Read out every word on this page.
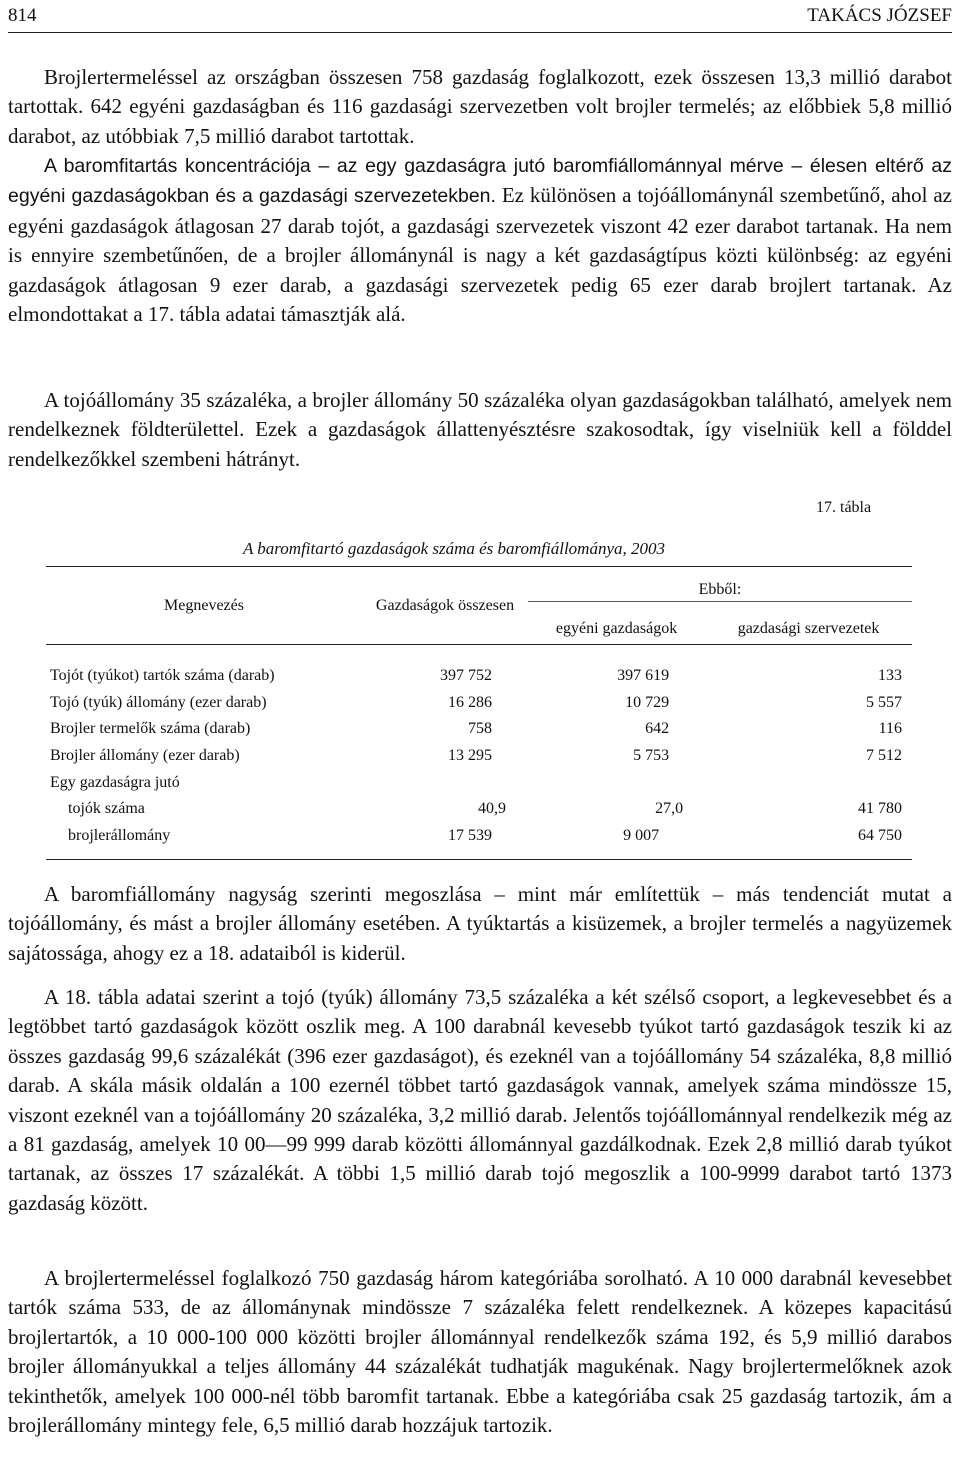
814	TAKÁCS JÓZSEF

Brojlertermeléssel az országban összesen 758 gazdaság foglalkozott, ezek összesen 13,3 millió darabot tartottak. 642 egyéni gazdaságban és 116 gazdasági szervezetben volt brojler termelés; az előbbiek 5,8 millió darabot, az utóbbiak 7,5 millió darabot tartottak.

A baromfitartás koncentrációja – az egy gazdaságra jutó baromfiállománnyal mérve – élesen eltérő az egyéni gazdaságokban és a gazdasági szervezetekben. Ez különösen a tojóállománynál szembetűnő, ahol az egyéni gazdaságok átlagosan 27 darab tojót, a gazdasági szervezetek viszont 42 ezer darabot tartanak. Ha nem is ennyire szembetűnően, de a brojler állománynál is nagy a két gazdaságtípus közti különbség: az egyéni gazdaságok átlagosan 9 ezer darab, a gazdasági szervezetek pedig 65 ezer darab brojlert tartanak. Az elmondottakat a 17. tábla adatai támasztják alá.

A tojóállomány 35 százaléka, a brojler állomány 50 százaléka olyan gazdaságokban található, amelyek nem rendelkeznek földterülettel. Ezek a gazdaságok állattenyésztésre szakosodtak, így viselniük kell a földdel rendelkezőkkel szembeni hátrányt.

17. tábla
A baromfitartó gazdaságok száma és baromfiállománya, 2003
Megnevezés	Gazdaságok összesen	Ebből:	
		egyéni gazdaságok	gazdasági szervezetek

Tojót (tyúkot) tartók száma (darab)	397 752	397 619	133
Tojó (tyúk) állomány (ezer darab)	16 286	10 729	5 557
Brojler termelők száma (darab)	758	642	116
Brojler állomány (ezer darab)	13 295	5 753	7 512
Egy gazdaságra jutó			
tojók száma	40,9	27,0	41 780
brojlerállomány	17 539	9 007	64 750

A baromfiállomány nagyság szerinti megoszlása – mint már említettük – más tendenciát mutat a tojóállomány, és mást a brojler állomány esetében. A tyúktartás a kisüzemek, a brojler termelés a nagyüzemek sajátossága, ahogy ez a 18. adataiból is kiderül.

A 18. tábla adatai szerint a tojó (tyúk) állomány 73,5 százaléka a két szélső csoport, a legkevesebbet és a legtöbbet tartó gazdaságok között oszlik meg. A 100 darabnál kevesebb tyúkot tartó gazdaságok teszik ki az összes gazdaság 99,6 százalékát (396 ezer gazdaságot), és ezeknél van a tojóállomány 54 százaléka, 8,8 millió darab. A skála másik oldalán a 100 ezernél többet tartó gazdaságok vannak, amelyek száma mindössze 15, viszont ezeknél van a tojóállomány 20 százaléka, 3,2 millió darab. Jelentős tojóállománnyal rendelkezik még az a 81 gazdaság, amelyek 10 00—99 999 darab közötti állománnyal gazdálkodnak. Ezek 2,8 millió darab tyúkot tartanak, az összes 17 százalékát. A többi 1,5 millió darab tojó megoszlik a 100-9999 darabot tartó 1373 gazdaság között.

A brojlertermeléssel foglalkozó 750 gazdaság három kategóriába sorolható. A 10 000 darabnál kevesebbet tartók száma 533, de az állománynak mindössze 7 százaléka felett rendelkeznek. A közepes kapacitású brojlertartók, a 10 000-100 000 közötti brojler állománnyal rendelkezők száma 192, és 5,9 millió darabos brojler állományukkal a teljes állomány 44 százalékát tudhatják magukénak. Nagy brojlertermelőknek azok tekinthetők, amelyek 100 000-nél több baromfit tartanak. Ebbe a kategóriába csak 25 gazdaság tartozik, ám a brojlerállomány mintegy fele, 6,5 millió darab hozzájuk tartozik.
